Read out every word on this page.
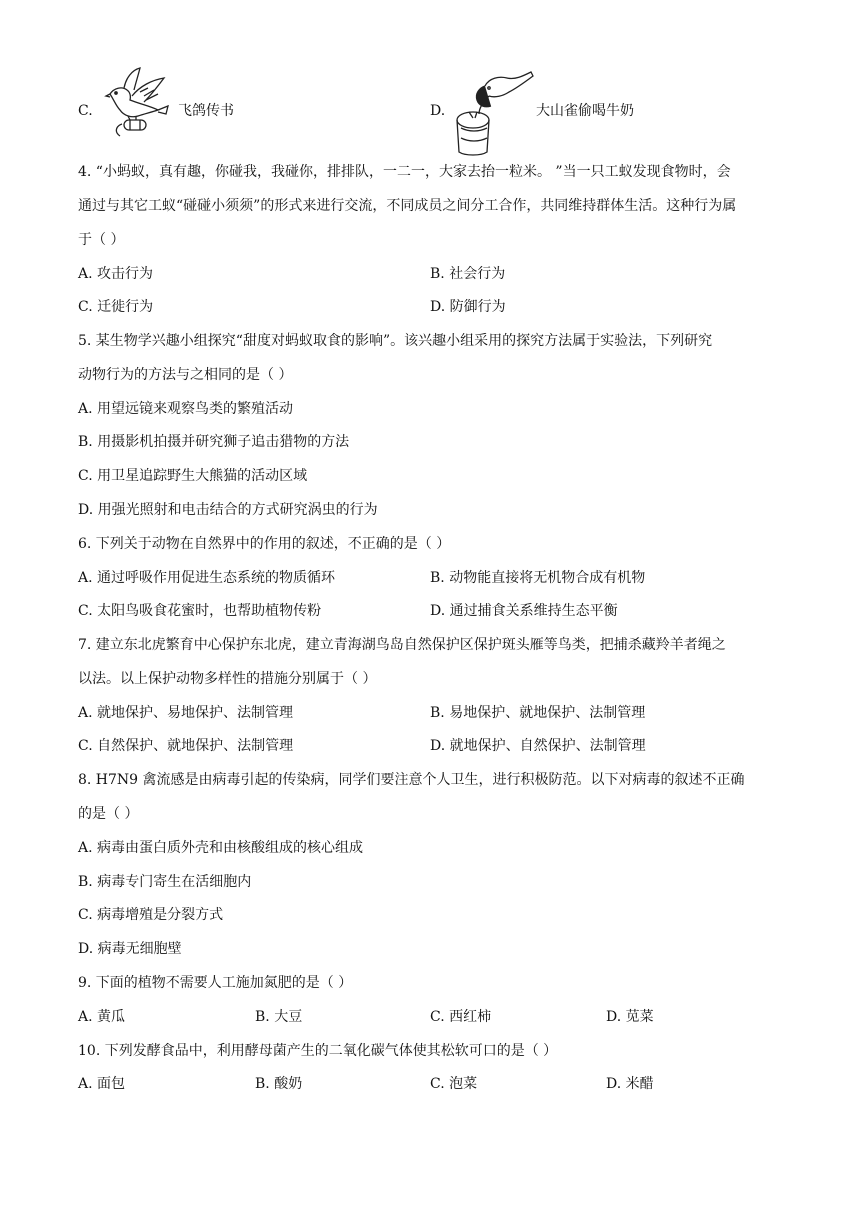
C.	飞鸽传书	D.	大山雀偷喝牛奶
4. “小蚂蚁，真有趣，你碰我，我碰你，排排队，一二一，大家去抬一粒米。 ”当一只工蚁发现食物时，会
通过与其它工蚁“碰碰小须须”的形式来进行交流，不同成员之间分工合作，共同维持群体生活。这种行为属
于（ ）
A. 攻击行为	B. 社会行为
C. 迁徙行为	D. 防御行为
5. 某生物学兴趣小组探究“甜度对蚂蚁取食的影响”。该兴趣小组采用的探究方法属于实验法，下列研究
动物行为的方法与之相同的是（ ）
A. 用望远镜来观察鸟类的繁殖活动
B. 用摄影机拍摄并研究狮子追击猎物的方法
C. 用卫星追踪野生大熊猫的活动区域
D. 用强光照射和电击结合的方式研究涡虫的行为
6. 下列关于动物在自然界中的作用的叙述，不正确的是（ ）
A. 通过呼吸作用促进生态系统的物质循环	B. 动物能直接将无机物合成有机物
C. 太阳鸟吸食花蜜时，也帮助植物传粉	D. 通过捕食关系维持生态平衡
7. 建立东北虎繁育中心保护东北虎，建立青海湖鸟岛自然保护区保护斑头雁等鸟类，把捕杀藏羚羊者绳之
以法。以上保护动物多样性的措施分别属于（ ）
A. 就地保护、易地保护、法制管理	B. 易地保护、就地保护、法制管理
C. 自然保护、就地保护、法制管理	D. 就地保护、自然保护、法制管理
8. H7N9 禽流感是由病毒引起的传染病，同学们要注意个人卫生，进行积极防范。以下对病毒的叙述不正确
的是（ ）
A. 病毒由蛋白质外壳和由核酸组成的核心组成
B. 病毒专门寄生在活细胞内
C. 病毒增殖是分裂方式
D. 病毒无细胞壁
9. 下面的植物不需要人工施加氮肥的是（ ）
A. 黄瓜	B. 大豆	C. 西红柿	D. 苋菜
10. 下列发酵食品中，利用酵母菌产生的二氧化碳气体使其松软可口的是（ ）
A. 面包	B. 酸奶	C. 泡菜	D. 米醋
